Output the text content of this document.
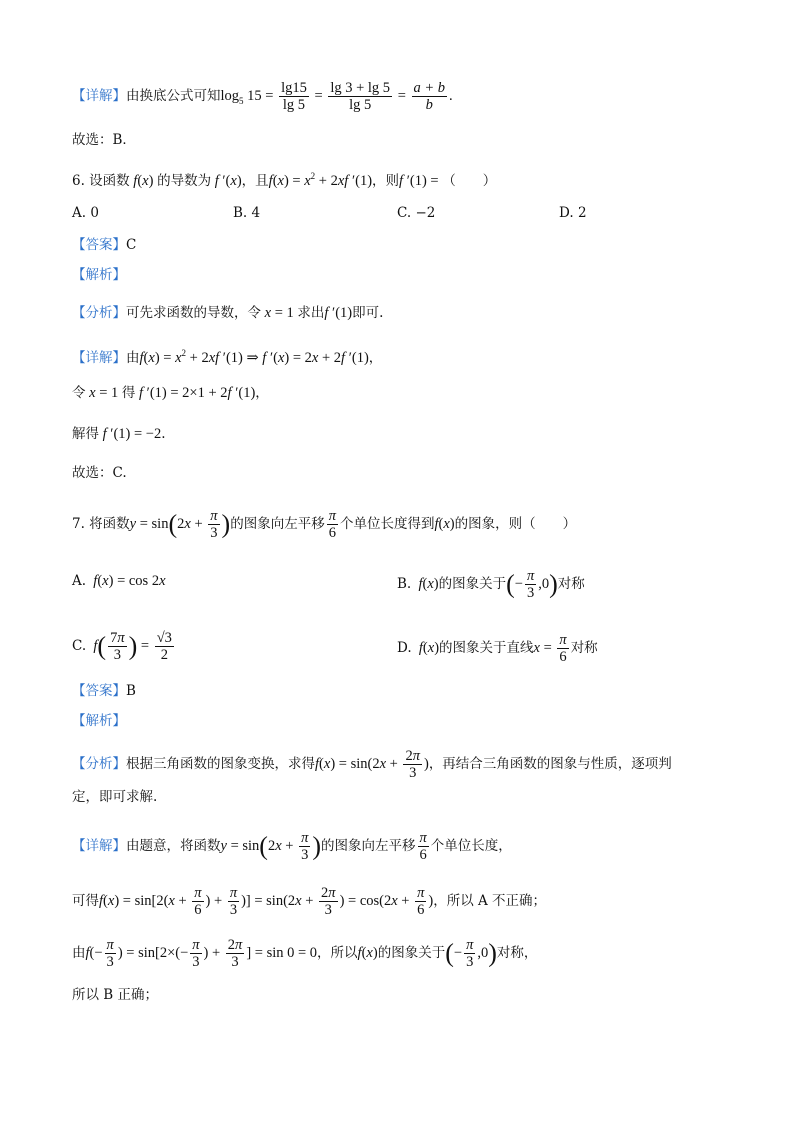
【详解】由换底公式可知$\log_5 15 = \frac{\lg 15}{\lg 5} = \frac{\lg 3 + \lg 5}{\lg 5} = \frac{a + b}{b}$ .
故选：B．
6. 设函数 f(x) 的导数为 f ′(x)，且$f(x) = x^2 + 2xf$ ′(1)，则f ′(1) = （　　）
A. 0	B. 4	C. −2	D. 2
【答案】C
【解析】
【分析】可先求函数的导数，令 x = 1 求出f ′(1)即可.
【详解】由$f(x) = x^2 + 2xf$ ′(1) ⇒ f ′(x) = 2x + 2f ′(1)，
令 x = 1 得 f ′(1) = 2×1 + 2f ′(1)，
解得 f ′(1) = −2.
故选：C.
7. 将函数$y = \sin(2x + \frac{\pi}{3}$ )的图象向左平移 $\frac{\pi}{6}$ 个单位长度得到f(x)的图象，则（　　）
A. f(x) = cos 2x	B. f(x)的图象关于(− $\frac{\pi}{3} ,0$)对称
C. $f( \frac{7\pi}{3}$ ) = $\frac{√3}{2}$	D. f(x)的图象关于直线$x = \frac{\pi}{6}$ 对称
【答案】B
【解析】
【分析】根据三角函数的图象变换，求得$f(x) = \sin(2x + \frac{2\pi}{3}$ )，再结合三角函数的图象与性质，逐项判
定，即可求解.
【详解】由题意，将函数$y = \sin(2x + \frac{\pi}{3}$ )的图象向左平移 $\frac{\pi}{6}$ 个单位长度，
可得$f(x) = \sin[2(x + \frac{\pi}{6}$ ) + $\frac{\pi}{3}$ )] = $\sin(2x + \frac{2\pi}{3}$ ) = $\cos(2x + \frac{\pi}{6}$ )，所以 A 不正确；
由$f(- \frac{\pi}{3}$ ) = $\sin[2\times(- \frac{\pi}{3}$ ) + $\frac{2\pi}{3}$ ] = sin 0 = 0，所以f(x)的图象关于(− $\frac{\pi}{3} ,0$)对称，
所以 B 正确；
